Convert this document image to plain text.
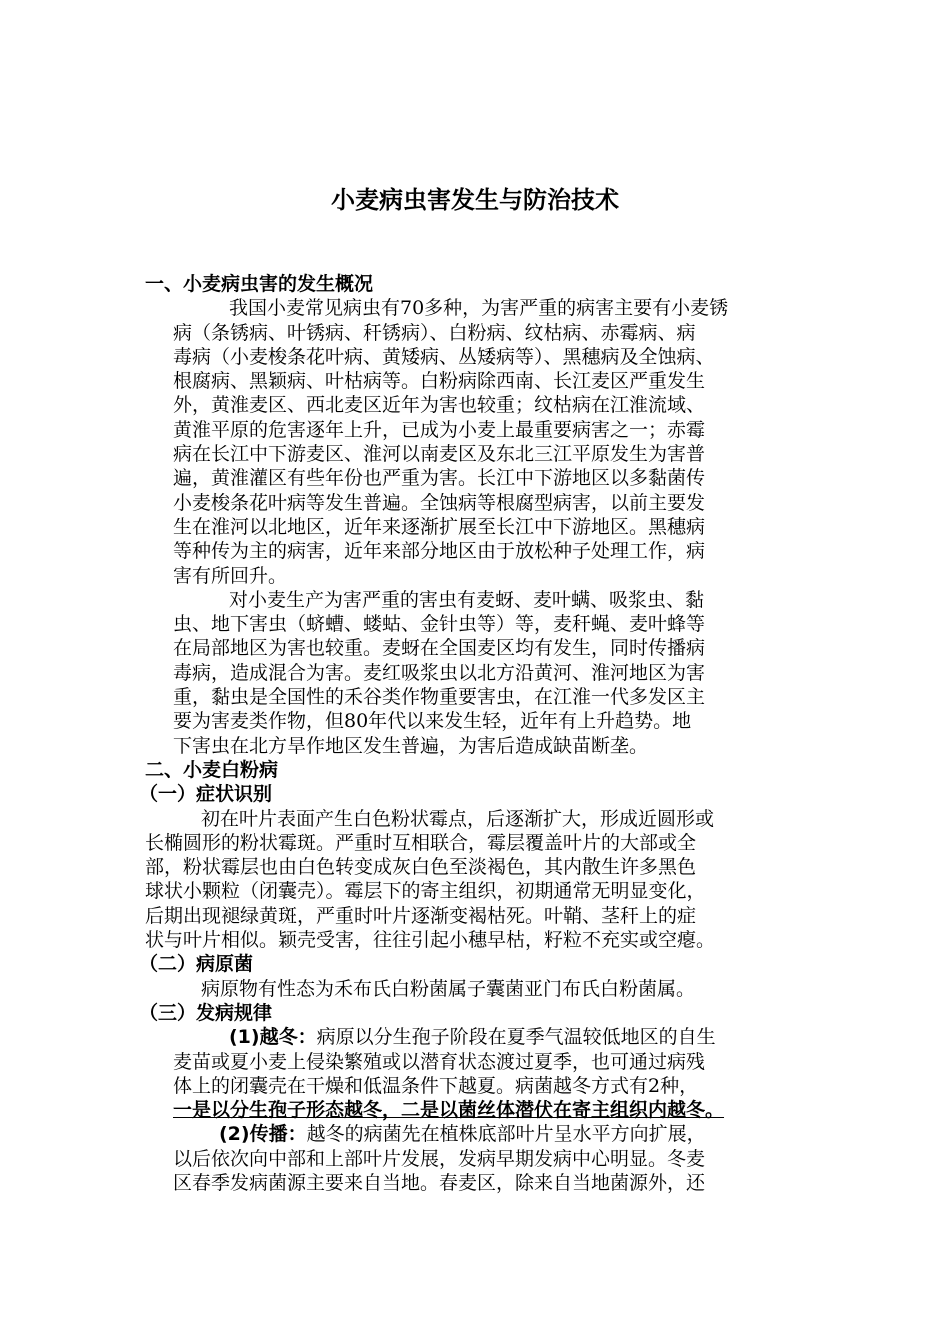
小麦病虫害发生与防治技术
一、小麦病虫害的发生概况
我国小麦常见病虫有70多种，为害严重的病害主要有小麦锈
病（条锈病、叶锈病、秆锈病）、白粉病、纹枯病、赤霉病、病
毒病（小麦梭条花叶病、黄矮病、丛矮病等）、黑穗病及全蚀病、
根腐病、黑颖病、叶枯病等。白粉病除西南、长江麦区严重发生
外，黄淮麦区、西北麦区近年为害也较重；纹枯病在江淮流域、
黄淮平原的危害逐年上升，已成为小麦上最重要病害之一；赤霉
病在长江中下游麦区、淮河以南麦区及东北三江平原发生为害普
遍，黄淮灌区有些年份也严重为害。长江中下游地区以多黏菌传
小麦梭条花叶病等发生普遍。全蚀病等根腐型病害，以前主要发
生在淮河以北地区，近年来逐渐扩展至长江中下游地区。黑穗病
等种传为主的病害，近年来部分地区由于放松种子处理工作，病
害有所回升。
对小麦生产为害严重的害虫有麦蚜、麦叶螨、吸浆虫、黏
虫、地下害虫（蛴螬、蝼蛄、金针虫等）等，麦秆蝇、麦叶蜂等
在局部地区为害也较重。麦蚜在全国麦区均有发生，同时传播病
毒病，造成混合为害。麦红吸浆虫以北方沿黄河、淮河地区为害
重，黏虫是全国性的禾谷类作物重要害虫，在江淮一代多发区主
要为害麦类作物，但80年代以来发生轻，近年有上升趋势。地
下害虫在北方旱作地区发生普遍，为害后造成缺苗断垄。
二、小麦白粉病
（一）症状识别
初在叶片表面产生白色粉状霉点，后逐渐扩大，形成近圆形或
长椭圆形的粉状霉斑。严重时互相联合，霉层覆盖叶片的大部或全
部，粉状霉层也由白色转变成灰白色至淡褐色，其内散生许多黑色
球状小颗粒（闭囊壳）。霉层下的寄主组织，初期通常无明显变化，
后期出现褪绿黄斑，严重时叶片逐渐变褐枯死。叶鞘、茎秆上的症
状与叶片相似。颖壳受害，往往引起小穗早枯，籽粒不充实或空瘪。
（二）病原菌
病原物有性态为禾布氏白粉菌属子囊菌亚门布氏白粉菌属。
（三）发病规律
(1)越冬：病原以分生孢子阶段在夏季气温较低地区的自生
麦苗或夏小麦上侵染繁殖或以潜育状态渡过夏季，也可通过病残
体上的闭囊壳在干燥和低温条件下越夏。病菌越冬方式有2种，
一是以分生孢子形态越冬，二是以菌丝体潜伏在寄主组织内越冬。
(2)传播：越冬的病菌先在植株底部叶片呈水平方向扩展，
以后依次向中部和上部叶片发展，发病早期发病中心明显。冬麦
区春季发病菌源主要来自当地。春麦区，除来自当地菌源外，还
